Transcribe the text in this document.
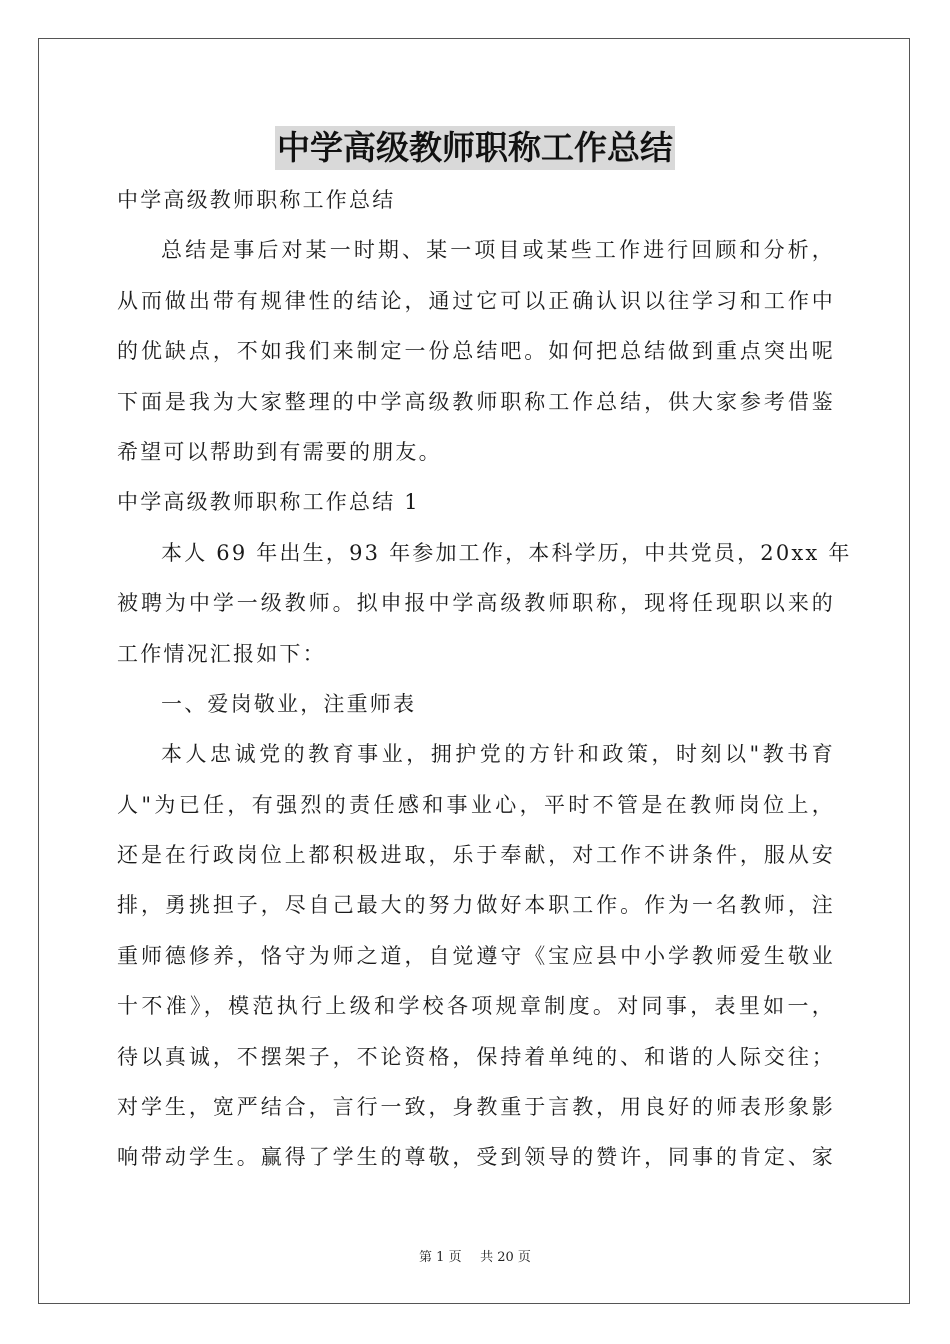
中学高级教师职称工作总结
中学高级教师职称工作总结
总结是事后对某一时期、某一项目或某些工作进行回顾和分析，
从而做出带有规律性的结论，通过它可以正确认识以往学习和工作中
的优缺点，不如我们来制定一份总结吧。如何把总结做到重点突出呢
下面是我为大家整理的中学高级教师职称工作总结，供大家参考借鉴
希望可以帮助到有需要的朋友。
中学高级教师职称工作总结 1
本人 69 年出生，93 年参加工作，本科学历，中共党员，20xx 年
被聘为中学一级教师。拟申报中学高级教师职称，现将任现职以来的
工作情况汇报如下：
一、爱岗敬业，注重师表
本人忠诚党的教育事业，拥护党的方针和政策，时刻以"教书育
人"为已任，有强烈的责任感和事业心，平时不管是在教师岗位上，
还是在行政岗位上都积极进取，乐于奉献，对工作不讲条件，服从安
排，勇挑担子，尽自己最大的努力做好本职工作。作为一名教师，注
重师德修养，恪守为师之道，自觉遵守《宝应县中小学教师爱生敬业
十不准》，模范执行上级和学校各项规章制度。对同事，表里如一，
待以真诚，不摆架子，不论资格，保持着单纯的、和谐的人际交往；
对学生，宽严结合，言行一致，身教重于言教，用良好的师表形象影
响带动学生。赢得了学生的尊敬，受到领导的赞许，同事的肯定、家
第 1 页 共 20 页
